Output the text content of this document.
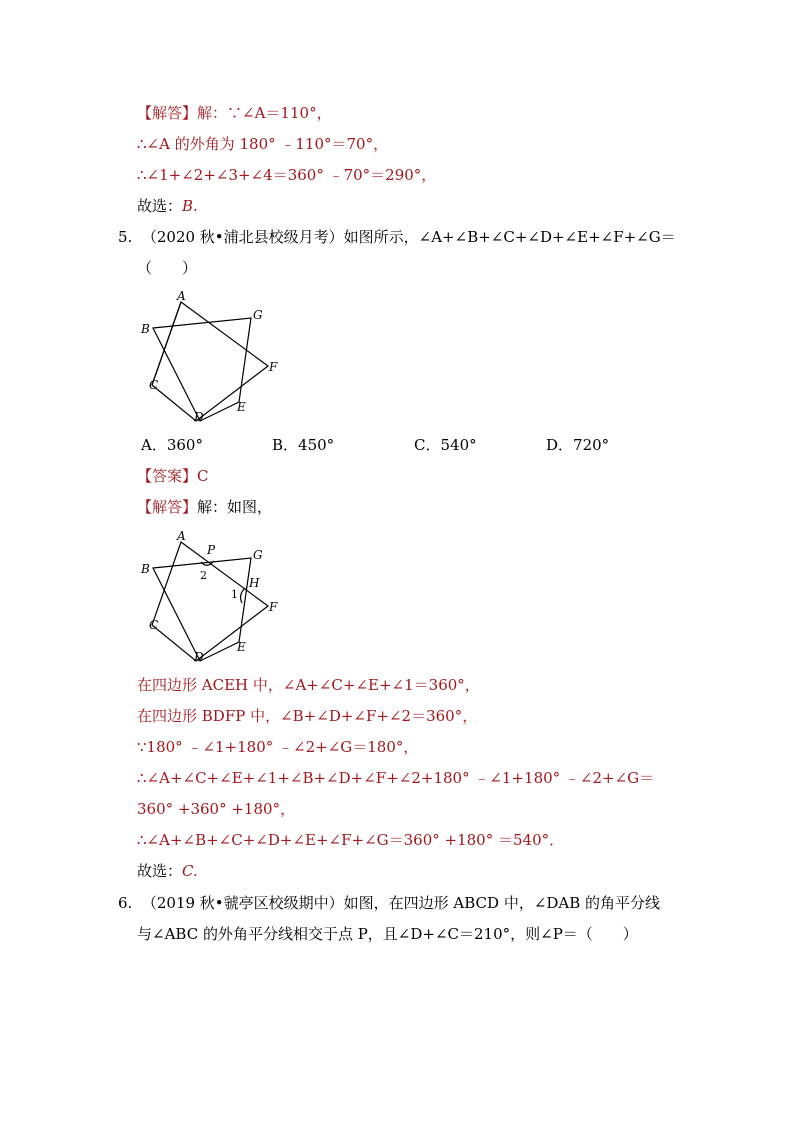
【解答】解：∵∠A＝110°，
∴∠A 的外角为 180° ﹣110°＝70°，
∴∠1+∠2+∠3+∠4＝360° ﹣70°＝290°，
故选：B.
5. （2020 秋•浦北县校级月考）如图所示，∠A+∠B+∠C+∠D+∠E+∠F+∠G＝
（　　）
A
B
C
D
E
F
G
A．360°	B．450°	C．540°	D．720°
【答案】C
【解答】解：如图，
A
B
C
D
E
F
G
P
H
1
2
在四边形 ACEH 中，∠A+∠C+∠E+∠1＝360°，
在四边形 BDFP 中，∠B+∠D+∠F+∠2＝360°，
∵180° ﹣∠1+180° ﹣∠2+∠G＝180°，
∴∠A+∠C+∠E+∠1+∠B+∠D+∠F+∠2+180° ﹣∠1+180° ﹣∠2+∠G＝
360° +360° +180°，
∴∠A+∠B+∠C+∠D+∠E+∠F+∠G＝360° +180° ＝540°．
故选：C.
6. （2019 秋•虢亭区校级期中）如图，在四边形 ABCD 中，∠DAB 的角平分线
与∠ABC 的外角平分线相交于点 P，且∠D+∠C＝210°，则∠P＝（　　）
